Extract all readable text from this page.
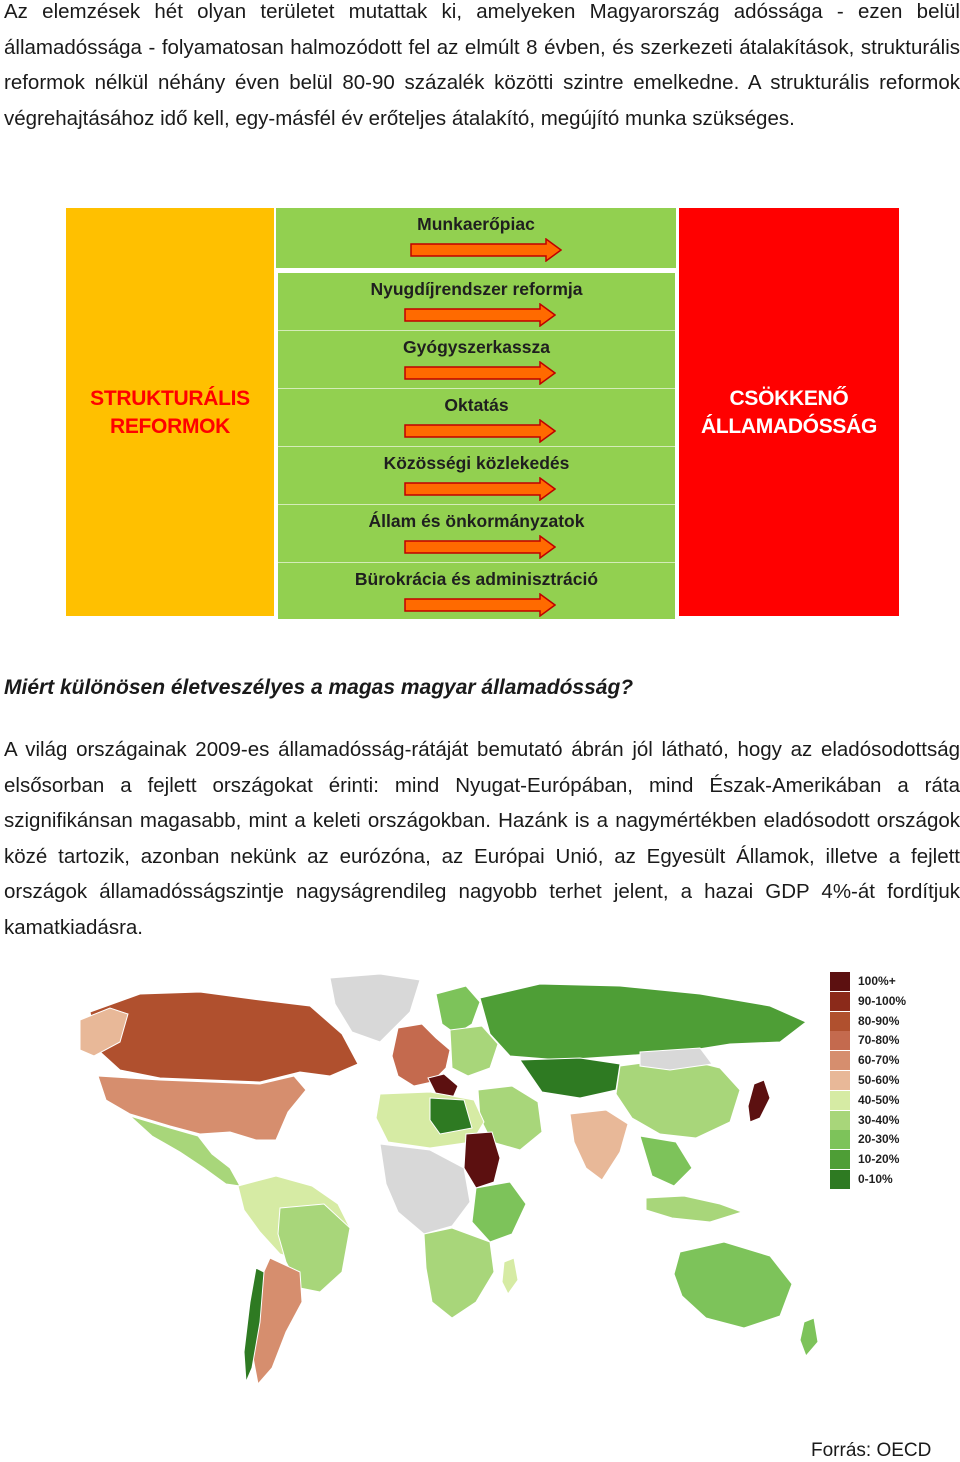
Az elemzések hét olyan területet mutattak ki, amelyeken Magyarország adóssága - ezen belül államadóssága - folyamatosan halmozódott fel az elmúlt 8 évben, és szerkezeti átalakítások, strukturális reformok nélkül néhány éven belül 80-90 százalék közötti szintre emelkedne. A strukturális reformok végrehajtásához idő kell, egy-másfél év erőteljes átalakító, megújító munka szükséges.

STRUKTURÁLIS
REFORMOK
Munkaerőpiac
Nyugdíjrendszer reformja
Gyógyszerkassza
Oktatás
Közösségi közlekedés
Állam és önkormányzatok
Bürokrácia és adminisztráció
CSÖKKENŐ
ÁLLAMADÓSSÁG

Miért különösen életveszélyes a magas magyar államadósság?

A világ országainak 2009-es államadósság-rátáját bemutató ábrán jól látható, hogy az eladósodottság elsősorban a fejlett országokat érinti: mind Nyugat-Európában, mind Észak-Amerikában a ráta szignifikánsan magasabb, mint a keleti országokban. Hazánk is a nagymértékben eladósodott országok közé tartozik, azonban nekünk az eurózóna, az Európai Unió, az Egyesült Államok, illetve a fejlett országok államadósságszintje nagyságrendileg nagyobb terhet jelent, a hazai GDP 4%-át fordítjuk kamatkiadásra.

100%+
90-100%
80-90%
70-80%
60-70%
50-60%
40-50%
30-40%
20-30%
10-20%
0-10%
Forrás: OECD
